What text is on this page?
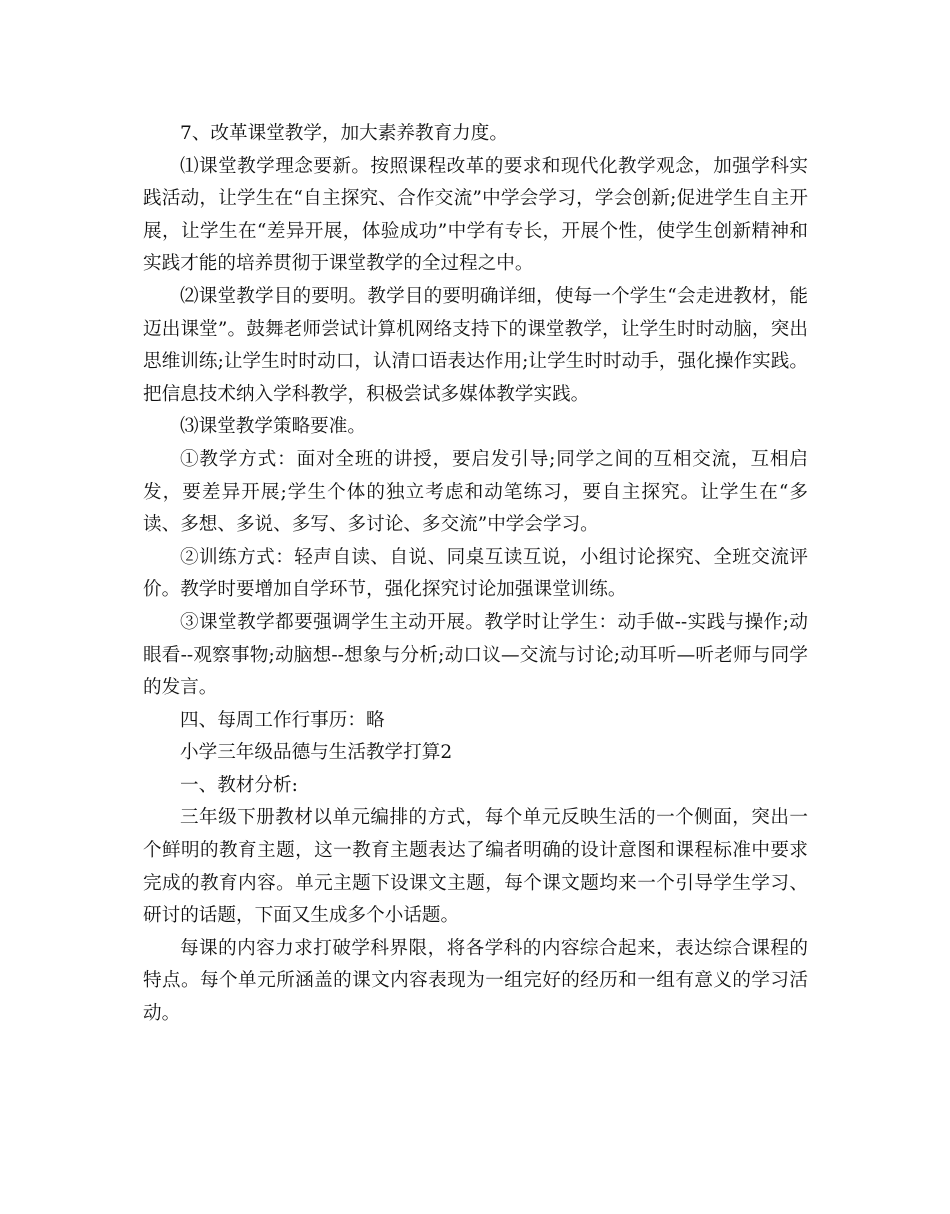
7、改革课堂教学，加大素养教育力度。

⑴课堂教学理念要新。按照课程改革的要求和现代化教学观念，加强学科实践活动，让学生在“自主探究、合作交流”中学会学习，学会创新;促进学生自主开展，让学生在“差异开展，体验成功”中学有专长，开展个性，使学生创新精神和实践才能的培养贯彻于课堂教学的全过程之中。

⑵课堂教学目的要明。教学目的要明确详细，使每一个学生“会走进教材，能迈出课堂”。鼓舞老师尝试计算机网络支持下的课堂教学，让学生时时动脑，突出思维训练;让学生时时动口，认清口语表达作用;让学生时时动手，强化操作实践。把信息技术纳入学科教学，积极尝试多媒体教学实践。

⑶课堂教学策略要准。

①教学方式：面对全班的讲授，要启发引导;同学之间的互相交流，互相启发，要差异开展;学生个体的独立考虑和动笔练习，要自主探究。让学生在“多读、多想、多说、多写、多讨论、多交流”中学会学习。

②训练方式：轻声自读、自说、同桌互读互说，小组讨论探究、全班交流评价。教学时要增加自学环节，强化探究讨论加强课堂训练。

③课堂教学都要强调学生主动开展。教学时让学生：动手做--实践与操作;动眼看--观察事物;动脑想--想象与分析;动口议—交流与讨论;动耳听—听老师与同学的发言。

四、每周工作行事历：略

小学三年级品德与生活教学打算2

一、教材分析:

三年级下册教材以单元编排的方式，每个单元反映生活的一个侧面，突出一个鲜明的教育主题，这一教育主题表达了编者明确的设计意图和课程标准中要求完成的教育内容。单元主题下设课文主题，每个课文题均来一个引导学生学习、研讨的话题，下面又生成多个小话题。

每课的内容力求打破学科界限，将各学科的内容综合起来，表达综合课程的特点。每个单元所涵盖的课文内容表现为一组完好的经历和一组有意义的学习活动。
